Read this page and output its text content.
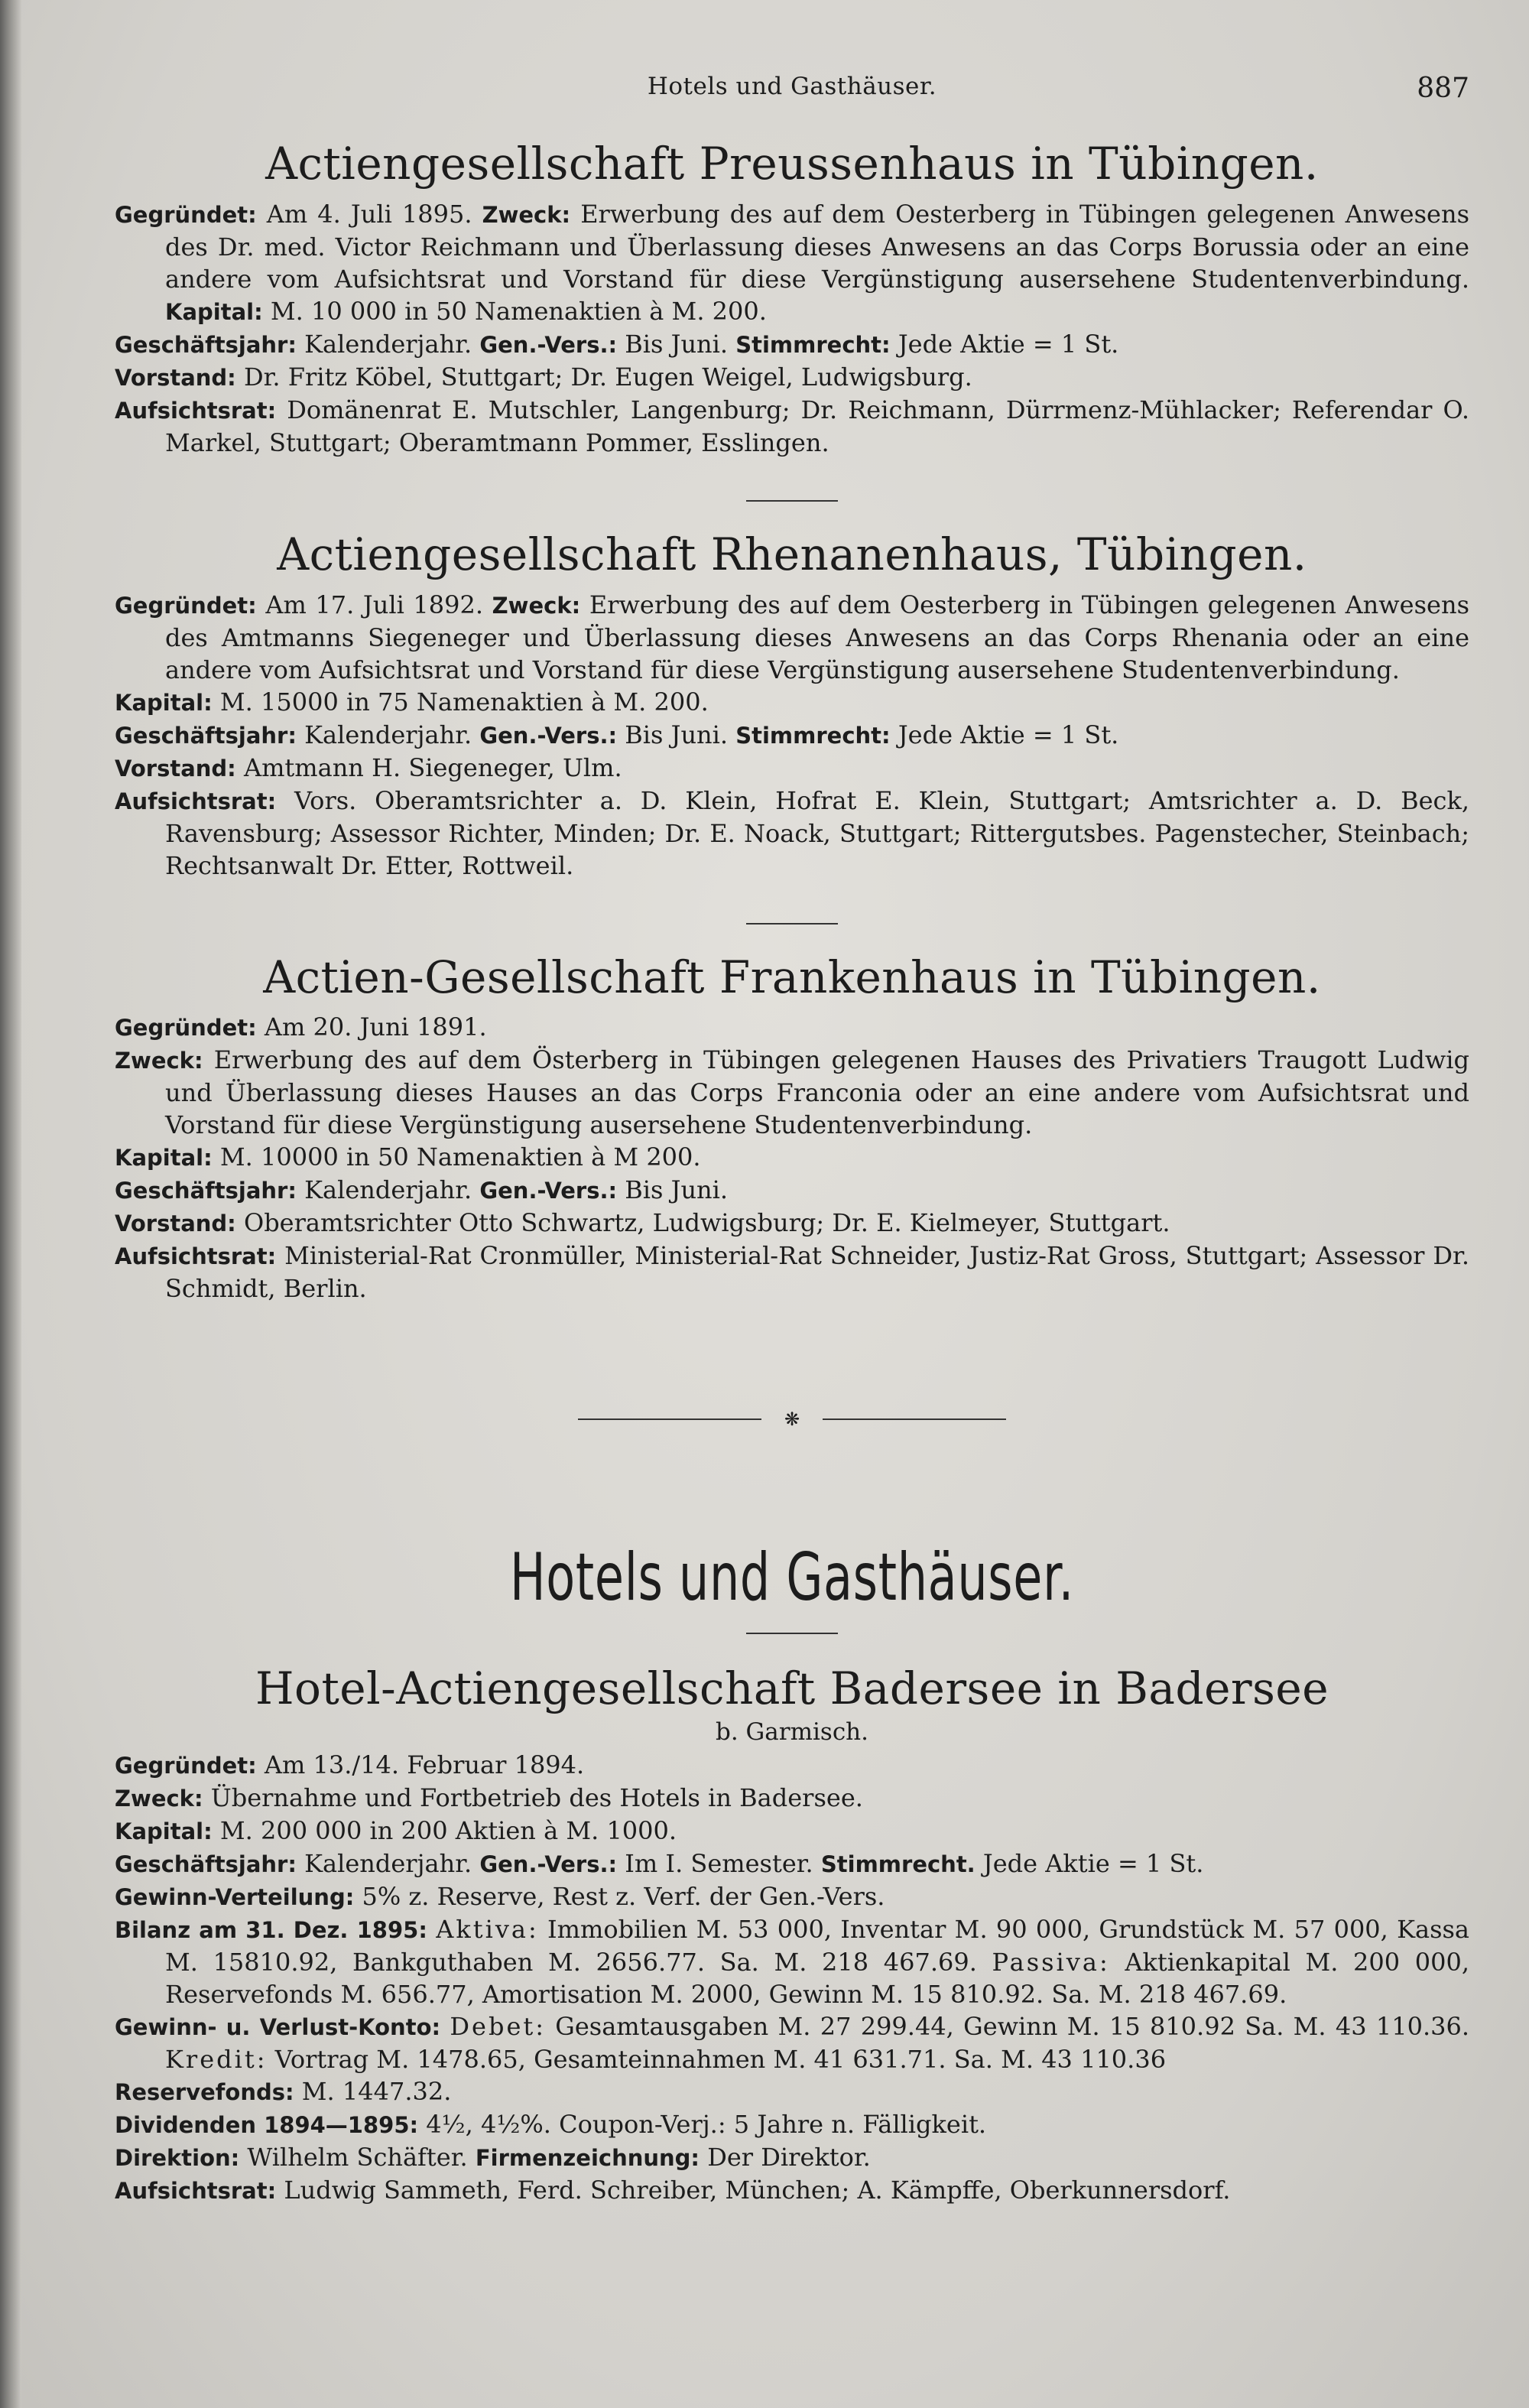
Hotels und Gasthäuser.	887
Actiengesellschaft Preussenhaus in Tübingen.

Gegründet: Am 4. Juli 1895. Zweck: Erwerbung des auf dem Oesterberg in Tübingen gelegenen Anwesens des Dr. med. Victor Reichmann und Überlassung dieses Anwesens an das Corps Borussia oder an eine andere vom Aufsichtsrat und Vorstand für diese Vergünstigung ausersehene Studentenverbindung. Kapital: M. 10 000 in 50 Namenaktien à M. 200.

Geschäftsjahr: Kalenderjahr. Gen.-Vers.: Bis Juni. Stimmrecht: Jede Aktie = 1 St.

Vorstand: Dr. Fritz Köbel, Stuttgart; Dr. Eugen Weigel, Ludwigsburg.

Aufsichtsrat: Domänenrat E. Mutschler, Langenburg; Dr. Reichmann, Dürrmenz-Mühlacker; Referendar O. Markel, Stuttgart; Oberamtmann Pommer, Esslingen.

Actiengesellschaft Rhenanenhaus, Tübingen.

Gegründet: Am 17. Juli 1892. Zweck: Erwerbung des auf dem Oesterberg in Tübingen gelegenen Anwesens des Amtmanns Siegeneger und Überlassung dieses Anwesens an das Corps Rhenania oder an eine andere vom Aufsichtsrat und Vorstand für diese Vergünstigung ausersehene Studentenverbindung.

Kapital: M. 15000 in 75 Namenaktien à M. 200.

Geschäftsjahr: Kalenderjahr. Gen.-Vers.: Bis Juni. Stimmrecht: Jede Aktie = 1 St.

Vorstand: Amtmann H. Siegeneger, Ulm.

Aufsichtsrat: Vors. Oberamtsrichter a. D. Klein, Hofrat E. Klein, Stuttgart; Amtsrichter a. D. Beck, Ravensburg; Assessor Richter, Minden; Dr. E. Noack, Stuttgart; Rittergutsbes. Pagenstecher, Steinbach; Rechtsanwalt Dr. Etter, Rottweil.

Actien-Gesellschaft Frankenhaus in Tübingen.

Gegründet: Am 20. Juni 1891.

Zweck: Erwerbung des auf dem Österberg in Tübingen gelegenen Hauses des Privatiers Traugott Ludwig und Überlassung dieses Hauses an das Corps Franconia oder an eine andere vom Aufsichtsrat und Vorstand für diese Vergünstigung ausersehene Studentenverbindung.

Kapital: M. 10000 in 50 Namenaktien à M 200.

Geschäftsjahr: Kalenderjahr. Gen.-Vers.: Bis Juni.

Vorstand: Oberamtsrichter Otto Schwartz, Ludwigsburg; Dr. E. Kielmeyer, Stuttgart.

Aufsichtsrat: Ministerial-Rat Cronmüller, Ministerial-Rat Schneider, Justiz-Rat Gross, Stuttgart; Assessor Dr. Schmidt, Berlin.

❋
Hotels und Gasthäuser.
Hotel-Actiengesellschaft Badersee in Badersee
b. Garmisch.

Gegründet: Am 13./14. Februar 1894.

Zweck: Übernahme und Fortbetrieb des Hotels in Badersee.

Kapital: M. 200 000 in 200 Aktien à M. 1000.

Geschäftsjahr: Kalenderjahr. Gen.-Vers.: Im I. Semester. Stimmrecht. Jede Aktie = 1 St.

Gewinn-Verteilung: 5% z. Reserve, Rest z. Verf. der Gen.-Vers.

Bilanz am 31. Dez. 1895: Aktiva: Immobilien M. 53 000, Inventar M. 90 000, Grundstück M. 57 000, Kassa M. 15810.92, Bankguthaben M. 2656.77. Sa. M. 218 467.69. Passiva: Aktienkapital M. 200 000, Reservefonds M. 656.77, Amortisation M. 2000, Gewinn M. 15 810.92. Sa. M. 218 467.69.

Gewinn- u. Verlust-Konto: Debet: Gesamtausgaben M. 27 299.44, Gewinn M. 15 810.92 Sa. M. 43 110.36. Kredit: Vortrag M. 1478.65, Gesamteinnahmen M. 41 631.71. Sa. M. 43 110.36

Reservefonds: M. 1447.32.

Dividenden 1894—1895: 4½, 4½%. Coupon-Verj.: 5 Jahre n. Fälligkeit.

Direktion: Wilhelm Schäfter. Firmenzeichnung: Der Direktor.

Aufsichtsrat: Ludwig Sammeth, Ferd. Schreiber, München; A. Kämpffe, Oberkunnersdorf.
